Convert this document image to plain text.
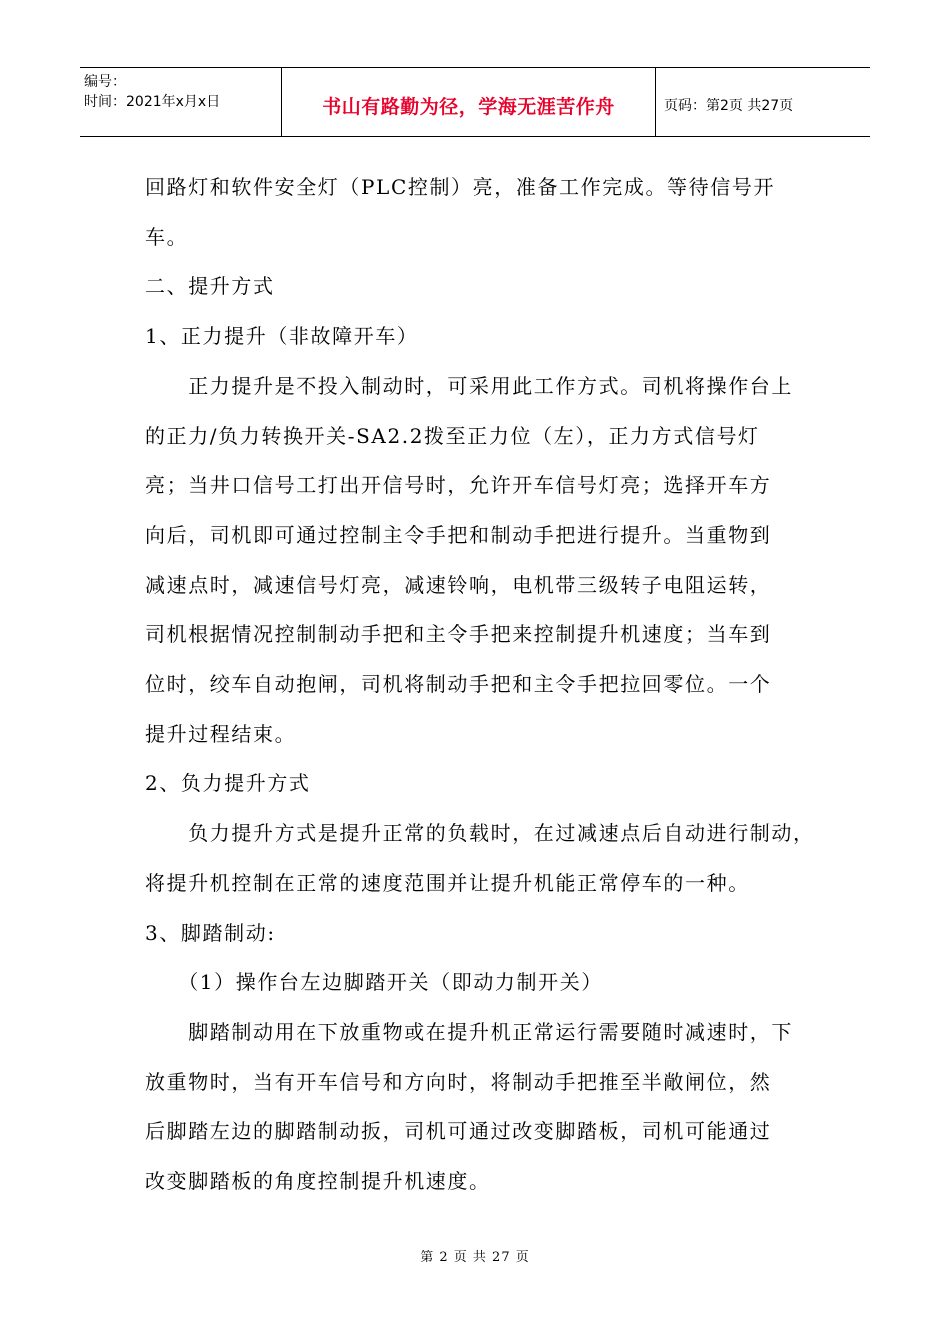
编号：
时间：2021年x月x日	书山有路勤为径，学海无涯苦作舟	页码：第2页 共27页

回路灯和软件安全灯（PLC控制）亮，准备工作完成。等待信号开

车。

二、提升方式

1、正力提升（非故障开车）

　　正力提升是不投入制动时，可采用此工作方式。司机将操作台上

的正力/负力转换开关-SA2.2拨至正力位（左），正力方式信号灯

亮；当井口信号工打出开信号时，允许开车信号灯亮；选择开车方

向后，司机即可通过控制主令手把和制动手把进行提升。当重物到

减速点时，减速信号灯亮，减速铃响，电机带三级转子电阻运转，

司机根据情况控制制动手把和主令手把来控制提升机速度；当车到

位时，绞车自动抱闸，司机将制动手把和主令手把拉回零位。一个

提升过程结束。

2、负力提升方式

　　负力提升方式是提升正常的负载时，在过减速点后自动进行制动，

将提升机控制在正常的速度范围并让提升机能正常停车的一种。

3、脚踏制动:

　　（1）操作台左边脚踏开关（即动力制开关）

　　脚踏制动用在下放重物或在提升机正常运行需要随时减速时，下

放重物时，当有开车信号和方向时，将制动手把推至半敞闸位，然

后脚踏左边的脚踏制动扳，司机可通过改变脚踏板，司机可能通过

改变脚踏板的角度控制提升机速度。

第 2 页 共 27 页
